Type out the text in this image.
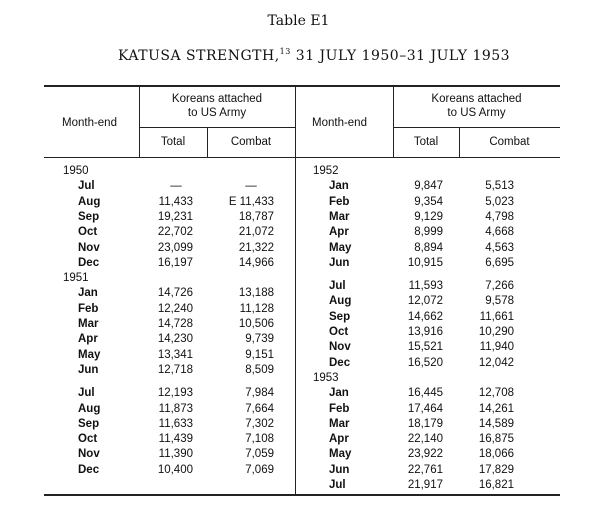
Table E1
KATUSA STRENGTH,$^{13}$ 31 JULY 1950–31 JULY 1953
Month-end
Koreans attached
to US Army
Total	Combat
Month-end
Koreans attached
to US Army
Total	Combat
1950
Jul	—	—
Aug	11,433	E 11,433
Sep	19,231	18,787
Oct	22,702	21,072
Nov	23,099	21,322
Dec	16,197	14,966
1951
Jan	14,726	13,188
Feb	12,240	11,128
Mar	14,728	10,506
Apr	14,230	9,739
May	13,341	9,151
Jun	12,718	8,509
Jul	12,193	7,984
Aug	11,873	7,664
Sep	11,633	7,302
Oct	11,439	7,108
Nov	11,390	7,059
Dec	10,400	7,069
1952
Jan	9,847	5,513
Feb	9,354	5,023
Mar	9,129	4,798
Apr	8,999	4,668
May	8,894	4,563
Jun	10,915	6,695
Jul	11,593	7,266
Aug	12,072	9,578
Sep	14,662	11,661
Oct	13,916	10,290
Nov	15,521	11,940
Dec	16,520	12,042
1953
Jan	16,445	12,708
Feb	17,464	14,261
Mar	18,179	14,589
Apr	22,140	16,875
May	23,922	18,066
Jun	22,761	17,829
Jul	21,917	16,821
